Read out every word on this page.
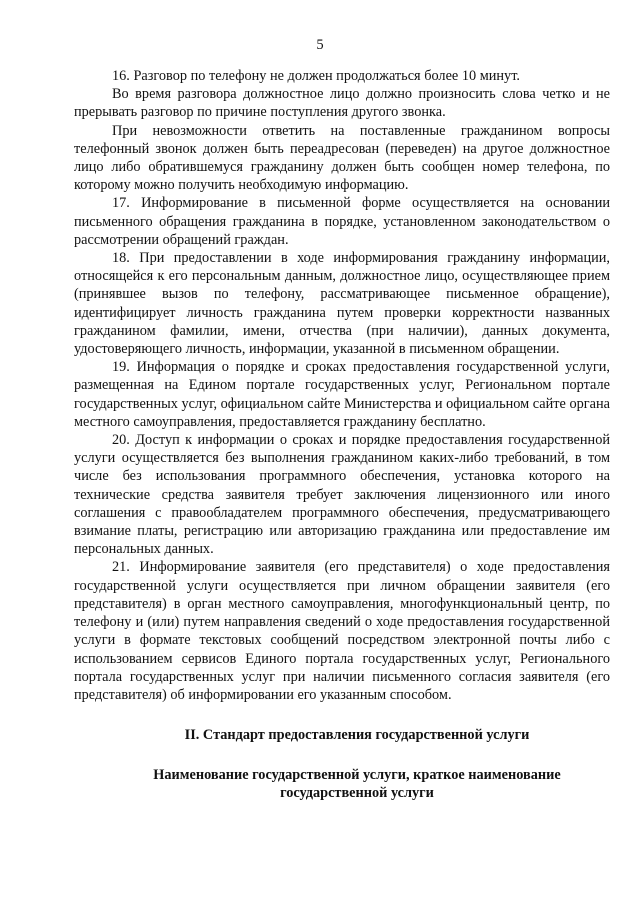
5

16. Разговор по телефону не должен продолжаться более 10 минут.

Во время разговора должностное лицо должно произносить слова четко и не прерывать разговор по причине поступления другого звонка.

При невозможности ответить на поставленные гражданином вопросы телефонный звонок должен быть переадресован (переведен) на другое должностное лицо либо обратившемуся гражданину должен быть сообщен номер телефона, по которому можно получить необходимую информацию.

17. Информирование в письменной форме осуществляется на основании письменного обращения гражданина в порядке, установленном законодательством о рассмотрении обращений граждан.

18. При предоставлении в ходе информирования гражданину информации, относящейся к его персональным данным, должностное лицо, осуществляющее прием (принявшее вызов по телефону, рассматривающее письменное обращение), идентифицирует личность гражданина путем проверки корректности названных гражданином фамилии, имени, отчества (при наличии), данных документа, удостоверяющего личность, информации, указанной в письменном обращении.

19. Информация о порядке и сроках предоставления государственной услуги, размещенная на Едином портале государственных услуг, Региональном портале государственных услуг, официальном сайте Министерства и официальном сайте органа местного самоуправления, предоставляется гражданину бесплатно.

20. Доступ к информации о сроках и порядке предоставления государственной услуги осуществляется без выполнения гражданином каких-либо требований, в том числе без использования программного обеспечения, установка которого на технические средства заявителя требует заключения лицензионного или иного соглашения с правообладателем программного обеспечения, предусматривающего взимание платы, регистрацию или авторизацию гражданина или предоставление им персональных данных.

21. Информирование заявителя (его представителя) о ходе предоставления государственной услуги осуществляется при личном обращении заявителя (его представителя) в орган местного самоуправления, многофункциональный центр, по телефону и (или) путем направления сведений о ходе предоставления государственной услуги в формате текстовых сообщений посредством электронной почты либо с использованием сервисов Единого портала государственных услуг, Регионального портала государственных услуг при наличии письменного согласия заявителя (его представителя) об информировании его указанным способом.

II. Стандарт предоставления государственной услуги
Наименование государственной услуги, краткое наименование
государственной услуги
